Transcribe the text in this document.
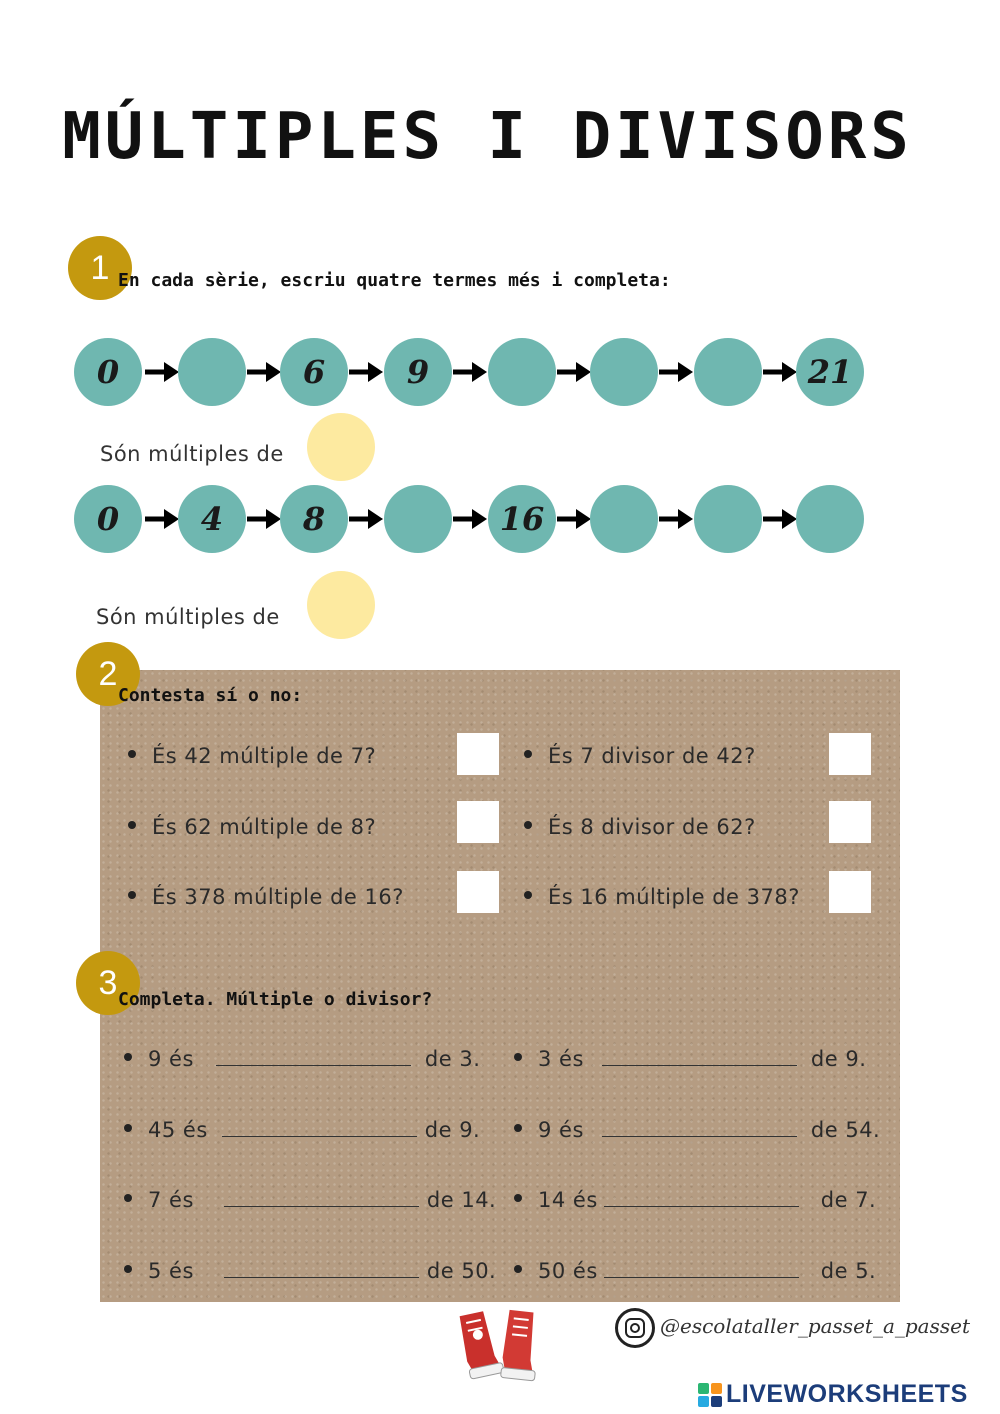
MÚLTIPLES I DIVISORS
1 En cada sèrie, escriu quatre termes més i completa:
0	6	9	21
Són múltiples de
0	4	8	16
Són múltiples de
2
Contesta sí o no:
És 42 múltiple de 7?	És 7 divisor de 42?
És 62 múltiple de 8?	És 8 divisor de 62?
És 378 múltiple de 16?	És 16 múltiple de 378?
3 Completa. Múltiple o divisor?
9 és	de 3.	3 és	de 9.
45 és	de 9.	9 és	de 54.
7 és	de 14.	14 és	de 7.
5 és	de 50.	50 és	de 5.
@escolataller_passet_a_passet
LIVEWORKSHEETS
